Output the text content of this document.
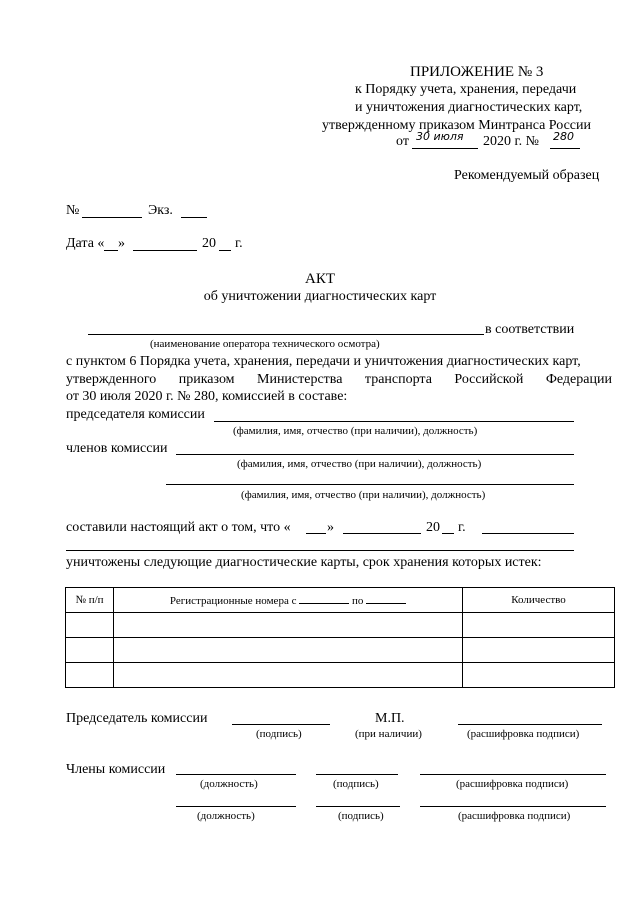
ПРИЛОЖЕНИЕ № 3
к Порядку учета, хранения, передачи
и уничтожения диагностических карт,
утвержденному приказом Минтранса России
от 30 июля 2020 г. № 280
Рекомендуемый образец
№	Экз.
Дата « »	20 г.
АКТ
об уничтожении диагностических карт
в соответствии
(наименование оператора технического осмотра)
с пунктом 6 Порядка учета, хранения, передачи и уничтожения диагностических карт,
утвержденного приказом Министерства транспорта Российской Федерации
от 30 июля 2020 г. № 280, комиссией в составе:
председателя комиссии
(фамилия, имя, отчество (при наличии), должность)
членов комиссии
(фамилия, имя, отчество (при наличии), должность)
(фамилия, имя, отчество (при наличии), должность)
составили настоящий акт о том, что «	»	20 г.
уничтожены следующие диагностические карты, срок хранения которых истек:
№ п/п	Регистрационные номера с по	Количество

Председатель комиссии
(подпись)
М.П.
(при наличии)	(расшифровка подписи)
Члены комиссии
(должность)	(подпись)	(расшифровка подписи)
(должность)	(подпись)	(расшифровка подписи)
